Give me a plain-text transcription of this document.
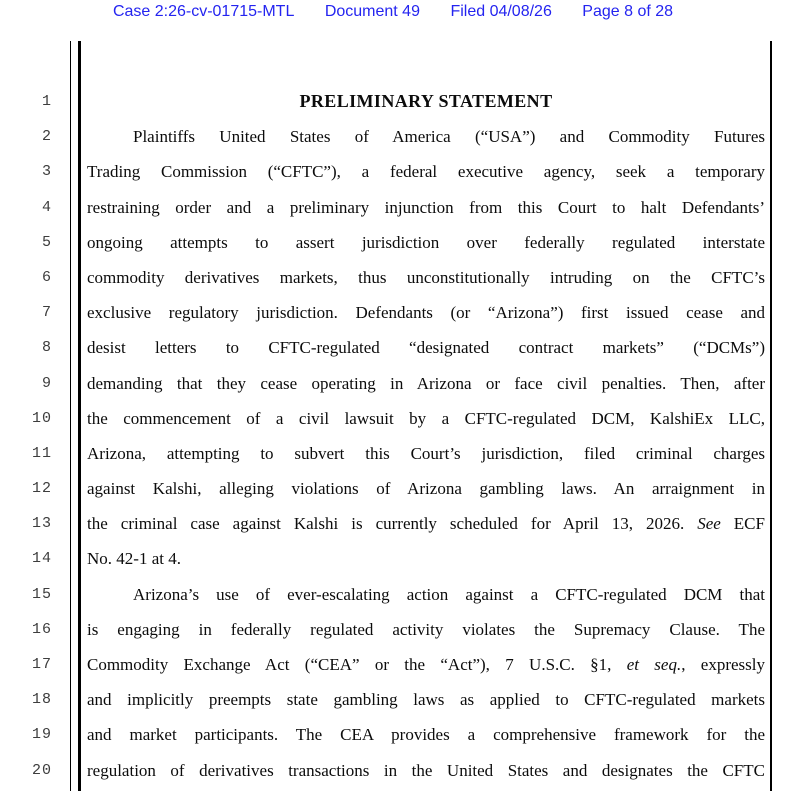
Case 2:26-cv-01715-MTL Document 49 Filed 04/08/26 Page 8 of 28
1
2
3
4
5
6
7
8
9
10
11
12
13
14
15
16
17
18
19
20
PRELIMINARY STATEMENT
Plaintiffs United States of America (“USA”) and Commodity Futures
Trading Commission (“CFTC”), a federal executive agency, seek a temporary
restraining order and a preliminary injunction from this Court to halt Defendants’
ongoing attempts to assert jurisdiction over federally regulated interstate
commodity derivatives markets, thus unconstitutionally intruding on the CFTC’s
exclusive regulatory jurisdiction. Defendants (or “Arizona”) first issued cease and
desist letters to CFTC-regulated “designated contract markets” (“DCMs”)
demanding that they cease operating in Arizona or face civil penalties. Then, after
the commencement of a civil lawsuit by a CFTC-regulated DCM, KalshiEx LLC,
Arizona, attempting to subvert this Court’s jurisdiction, filed criminal charges
against Kalshi, alleging violations of Arizona gambling laws. An arraignment in
the criminal case against Kalshi is currently scheduled for April 13, 2026. See ECF
No. 42-1 at 4.
Arizona’s use of ever-escalating action against a CFTC-regulated DCM that
is engaging in federally regulated activity violates the Supremacy Clause. The
Commodity Exchange Act (“CEA” or the “Act”), 7 U.S.C. §1, et seq., expressly
and implicitly preempts state gambling laws as applied to CFTC-regulated markets
and market participants. The CEA provides a comprehensive framework for the
regulation of derivatives transactions in the United States and designates the CFTC
